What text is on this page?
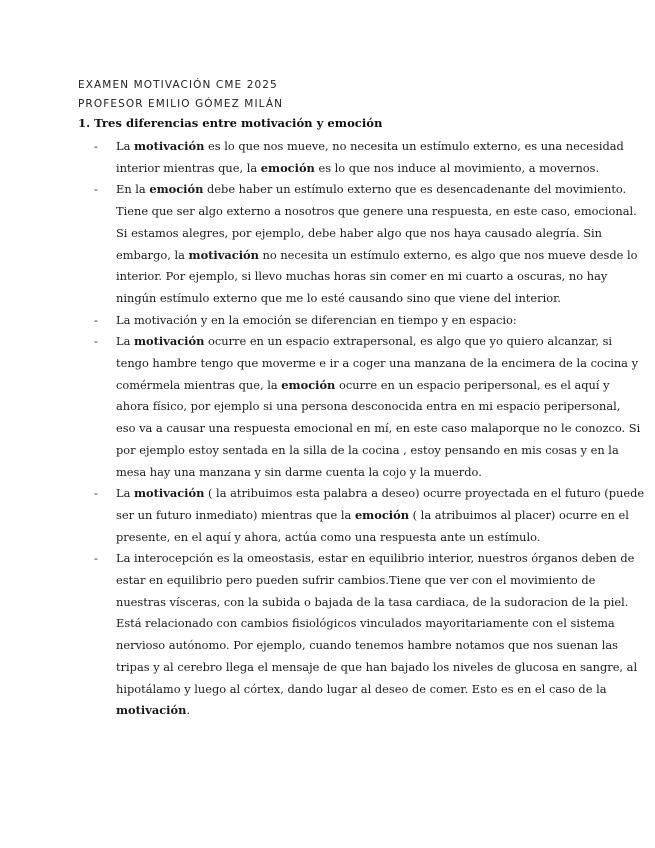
EXAMEN MOTIVACIÓN CME 2025
PROFESOR EMILIO GÓMEZ MILÁN
1. Tres diferencias entre motivación y emoción
- La motivación es lo que nos mueve, no necesita un estímulo externo, es una necesidad
interior mientras que, la emoción es lo que nos induce al movimiento, a movernos.
- En la emoción debe haber un estímulo externo que es desencadenante del movimiento.
Tiene que ser algo externo a nosotros que genere una respuesta, en este caso, emocional.
Si estamos alegres, por ejemplo, debe haber algo que nos haya causado alegría. Sin
embargo, la motivación no necesita un estímulo externo, es algo que nos mueve desde lo
interior. Por ejemplo, si llevo muchas horas sin comer en mi cuarto a oscuras, no hay
ningún estímulo externo que me lo esté causando sino que viene del interior.
- La motivación y en la emoción se diferencian en tiempo y en espacio:
- La motivación ocurre en un espacio extrapersonal, es algo que yo quiero alcanzar, si
tengo hambre tengo que moverme e ir a coger una manzana de la encimera de la cocina y
comérmela mientras que, la emoción ocurre en un espacio peripersonal, es el aquí y
ahora físico, por ejemplo si una persona desconocida entra en mi espacio peripersonal,
eso va a causar una respuesta emocional en mí, en este caso malaporque no le conozco. Si
por ejemplo estoy sentada en la silla de la cocina , estoy pensando en mis cosas y en la
mesa hay una manzana y sin darme cuenta la cojo y la muerdo.
- La motivación ( la atribuimos esta palabra a deseo) ocurre proyectada en el futuro (puede
ser un futuro inmediato) mientras que la emoción ( la atribuimos al placer) ocurre en el
presente, en el aquí y ahora, actúa como una respuesta ante un estímulo.
- La interocepción es la omeostasis, estar en equilibrio interior, nuestros órganos deben de
estar en equilibrio pero pueden sufrir cambios.Tiene que ver con el movimiento de
nuestras vísceras, con la subida o bajada de la tasa cardiaca, de la sudoracion de la piel.
Está relacionado con cambios fisiológicos vinculados mayoritariamente con el sistema
nervioso autónomo. Por ejemplo, cuando tenemos hambre notamos que nos suenan las
tripas y al cerebro llega el mensaje de que han bajado los niveles de glucosa en sangre, al
hipotálamo y luego al córtex, dando lugar al deseo de comer. Esto es en el caso de la
motivación.
